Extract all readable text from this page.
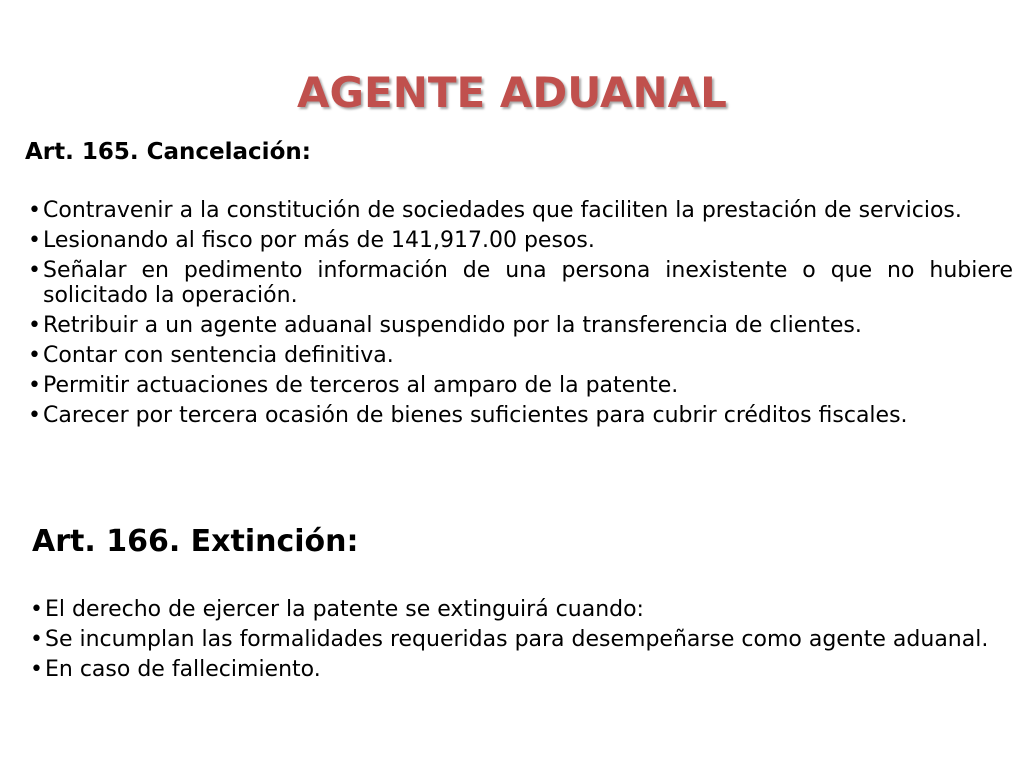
AGENTE ADUANAL
Art. 165. Cancelación:
• Contravenir a la constitución de sociedades que faciliten la prestación de servicios.
• Lesionando al fisco por más de 141,917.00 pesos.
• Señalar en pedimento información de una persona inexistente o que no hubiere solicitado la operación.
• Retribuir a un agente aduanal suspendido por la transferencia de clientes.
• Contar con sentencia definitiva.
• Permitir actuaciones de terceros al amparo de la patente.
• Carecer por tercera ocasión de bienes suficientes para cubrir créditos fiscales.
Art. 166. Extinción:
• El derecho de ejercer la patente se extinguirá cuando:
• Se incumplan las formalidades requeridas para desempeñarse como agente aduanal.
• En caso de fallecimiento.
